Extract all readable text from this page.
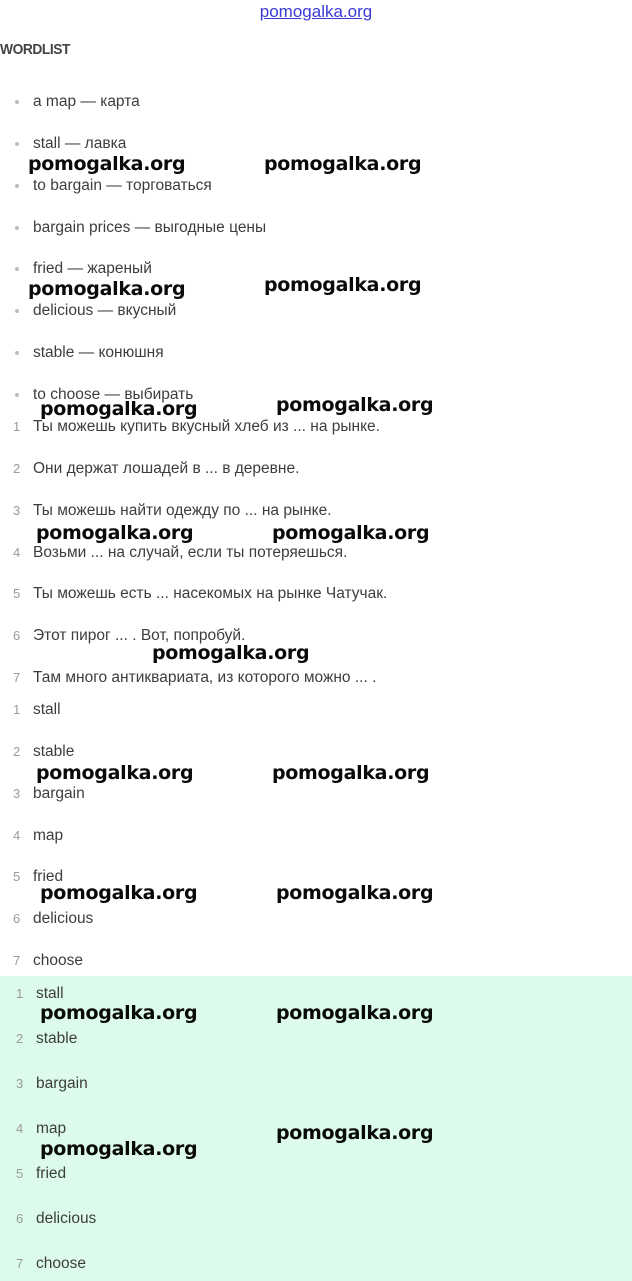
pomogalka.org
WORDLIST
a map — карта
stall — лавка
to bargain — торговаться
bargain prices — выгодные цены
fried — жареный
delicious — вкусный
stable — конюшня
to choose — выбирать
1 Ты можешь купить вкусный хлеб из ... на рынке.
2 Они держат лошадей в ... в деревне.
3 Ты можешь найти одежду по ... на рынке.
4 Возьми ... на случай, если ты потеряешься.
5 Ты можешь есть ... насекомых на рынке Чатучак.
6 Этот пирог ... . Вот, попробуй.
7 Там много антиквариата, из которого можно ... .
1 stall
2 stable
3 bargain
4 map
5 fried
6 delicious
7 choose
1 stall
2 stable
3 bargain
4 map
5 fried
6 delicious
7 choose
pomogalka.org	pomogalka.org
pomogalka.org	pomogalka.org
pomogalka.org	pomogalka.org
pomogalka.org	pomogalka.org
pomogalka.org
pomogalka.org	pomogalka.org
pomogalka.org	pomogalka.org
pomogalka.org	pomogalka.org
pomogalka.org
pomogalka.org
